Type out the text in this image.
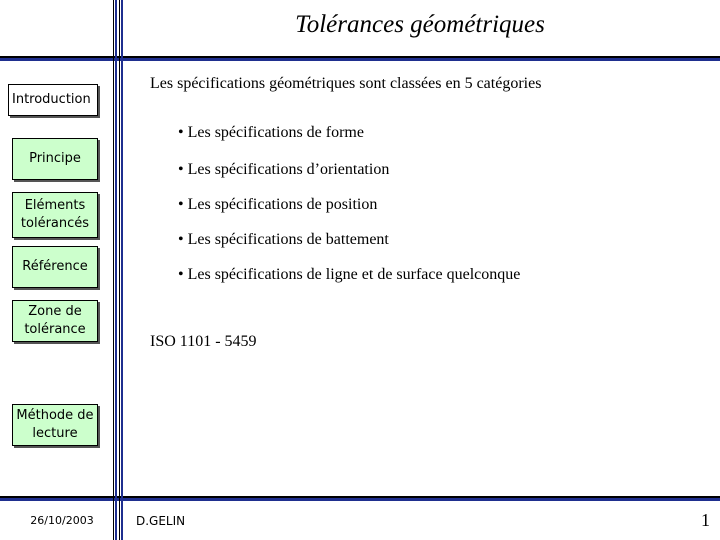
Tolérances géométriques
Introduction
Principe
Eléments
tolérancés
Référence
Zone de
tolérance
Méthode de
lecture
Les spécifications géométriques sont classées en 5 catégories
• Les spécifications de forme
• Les spécifications d’orientation
• Les spécifications de position
• Les spécifications de battement
• Les spécifications de ligne et de surface quelconque
ISO 1101 - 5459
26/10/2003	D.GELIN	1
